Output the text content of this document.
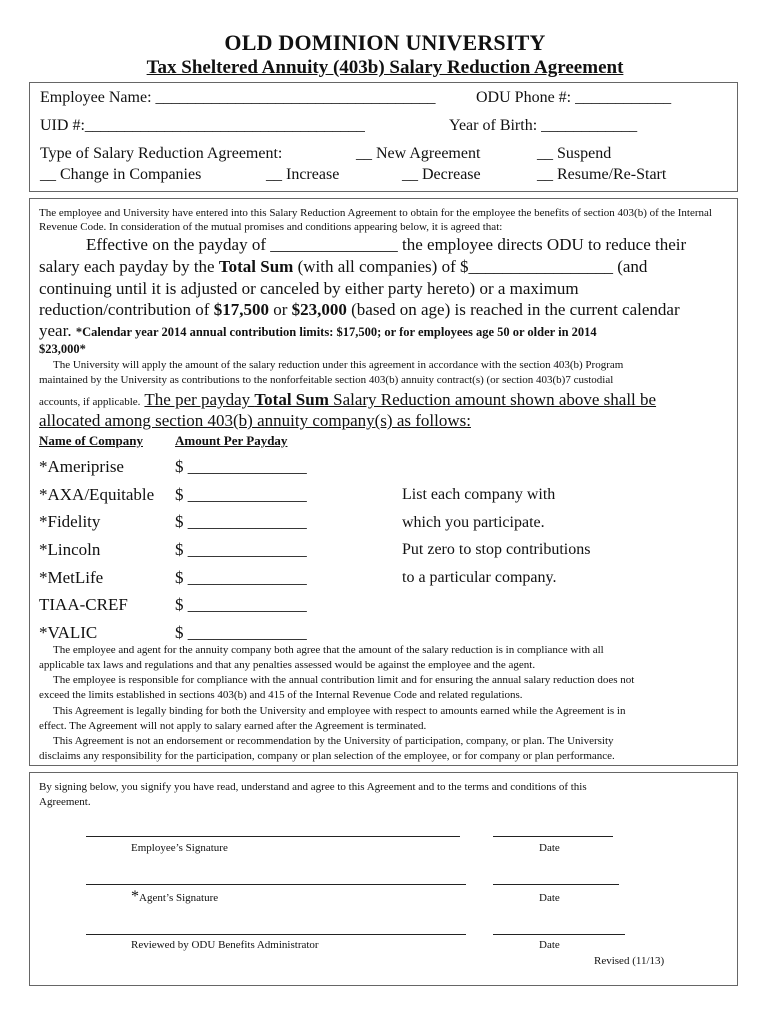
OLD DOMINION UNIVERSITY
Tax Sheltered Annuity (403b) Salary Reduction Agreement
Employee Name: ___________________________________	ODU Phone #: ____________
UID #:___________________________________	Year of Birth: ____________
Type of Salary Reduction Agreement:	__ New Agreement	__ Suspend
__ Change in Companies	__ Increase	__ Decrease	__ Resume/Re-Start
The employee and University have entered into this Salary Reduction Agreement to obtain for the employee the benefits of section 403(b) of the Internal Revenue Code. In consideration of the mutual promises and conditions appearing below, it is agreed that:
Effective on the payday of _______________ the employee directs ODU to reduce their
salary each payday by the Total Sum (with all companies) of $_________________ (and
continuing until it is adjusted or canceled by either party hereto) or a maximum
reduction/contribution of $17,500 or $23,000 (based on age) is reached in the current calendar
year. *Calendar year 2014 annual contribution limits: $17,500; or for employees age 50 or older in 2014
$23,000*
The University will apply the amount of the salary reduction under this agreement in accordance with the section 403(b) Program
maintained by the University as contributions to the nonforfeitable section 403(b) annuity contract(s) (or section 403(b)7 custodial
accounts, if applicable. The per payday Total Sum Salary Reduction amount shown above shall be
allocated among section 403(b) annuity company(s) as follows:
Name of Company Amount Per Payday
*Ameriprise	$ ______________
*AXA/Equitable $ ______________
*Fidelity	$ ______________
*Lincoln	$ ______________
*MetLife	$ ______________
TIAA-CREF	$ ______________
*VALIC	$ ______________
List each company with
which you participate.
Put zero to stop contributions
to a particular company.
The employee and agent for the annuity company both agree that the amount of the salary reduction is in compliance with all
applicable tax laws and regulations and that any penalties assessed would be against the employee and the agent.
The employee is responsible for compliance with the annual contribution limit and for ensuring the annual salary reduction does not
exceed the limits established in sections 403(b) and 415 of the Internal Revenue Code and related regulations.
This Agreement is legally binding for both the University and employee with respect to amounts earned while the Agreement is in
effect. The Agreement will not apply to salary earned after the Agreement is terminated.
This Agreement is not an endorsement or recommendation by the University of participation, company, or plan. The University
disclaims any responsibility for the participation, company or plan selection of the employee, or for company or plan performance.
By signing below, you signify you have read, understand and agree to this Agreement and to the terms and conditions of this
Agreement.
Employee’s Signature	Date
*Agent’s Signature	Date
Reviewed by ODU Benefits Administrator	Date
Revised (11/13)
